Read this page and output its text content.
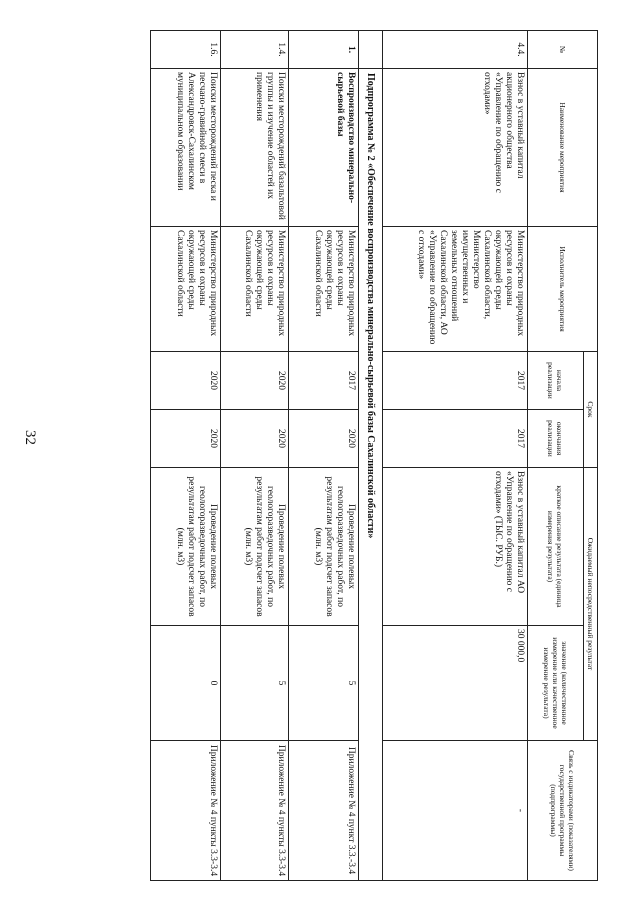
32
№	Наименование мероприятия	Исполнитель мероприятия	Срок		Ожидаемый непосредственный результат		Связь с индикаторами (показателями) государственной программы (подпрограммы)
			начала реализации	окончания реализации	краткое описание результата (единица измерения результата)	значение (количественное измерение или качественное измерение результата)	
4.4.	Взнос в уставный капитал акционерного общества «Управление по обращению с отходами»	Министерство природных ресурсов и охраны окружающей среды Сахалинской области, Министерство имущественных и земельных отношений Сахалинской области, АО «Управление по обращению с отходами»	2017	2017	Взнос в уставный капитал АО «Управление по обращению с отходами» (ТЫС. РУБ.)	30 000,0	-
	Подпрограмма № 2 «Обеспечение воспроизводства минерально-сырьевой базы Сахалинской области»						
1.	Воспроизводство минерально-сырьевой базы	Министерство природных ресурсов и охраны окружающей среды Сахалинской области	2017	2020	Проведение полевых геологоразведочных работ, по результатам работ подсчет запасов (млн. м3)	5	Приложение № 4 пункт 3.3.-3.4
1.4.	Поиски месторождений базальтовой группы и изучение областей их применения	Министерство природных ресурсов и охраны окружающей среды Сахалинской области	2020	2020	Проведение полевых геологоразведочных работ, по результатам работ подсчет запасов (млн. м3)	5	Приложение № 4 пункты 3.3-3.4
1.6.	Поиски месторождений песка и песчано-гравийной смеси в Александровск-Сахалинском муниципальном образовании	Министерство природных ресурсов и охраны окружающей среды Сахалинской области	2020	2020	Проведение полевых геологоразведочных работ, по результатам работ подсчет запасов (млн. м3)	0	Приложение № 4 пункты 3.3-3.4
